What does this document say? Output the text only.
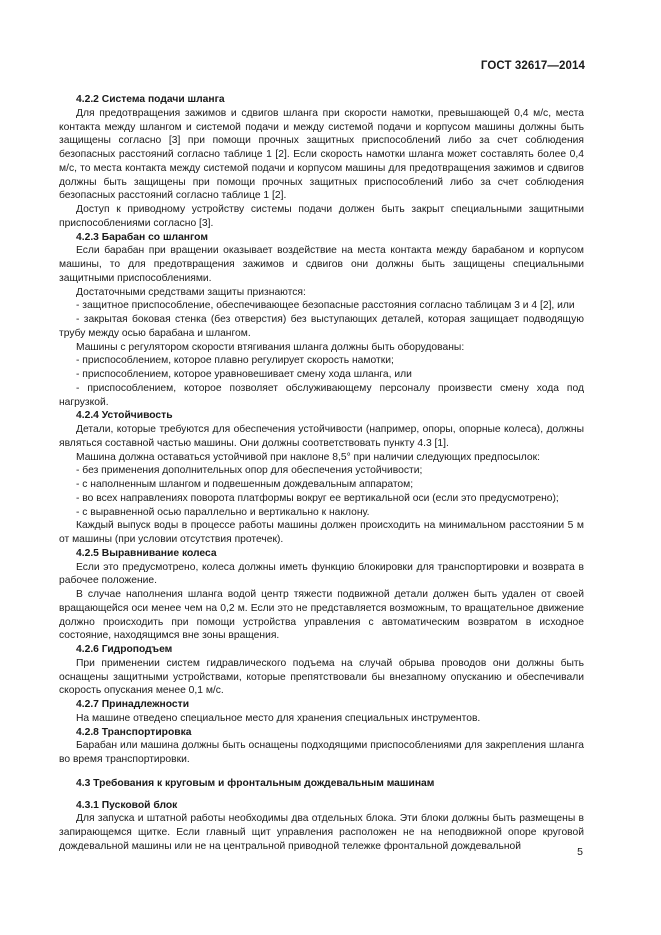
ГОСТ 32617—2014

4.2.2 Система подачи шланга

Для предотвращения зажимов и сдвигов шланга при скорости намотки, превышающей 0,4 м/с, места контакта между шлангом и системой подачи и между системой подачи и корпусом машины должны быть защищены согласно [3] при помощи прочных защитных приспособлений либо за счет соблюдения безопасных расстояний согласно таблице 1 [2]. Если скорость намотки шланга может составлять более 0,4 м/с, то места контакта между системой подачи и корпусом машины для предотвращения зажимов и сдвигов должны быть защищены при помощи прочных защитных приспособлений либо за счет соблюдения безопасных расстояний согласно таблице 1 [2].

Доступ к приводному устройству системы подачи должен быть закрыт специальными защитными приспособлениями согласно [3].

4.2.3 Барабан со шлангом

Если барабан при вращении оказывает воздействие на места контакта между барабаном и корпусом машины, то для предотвращения зажимов и сдвигов они должны быть защищены специальными защитными приспособлениями.

Достаточными средствами защиты признаются:

- защитное приспособление, обеспечивающее безопасные расстояния согласно таблицам 3 и 4 [2], или

- закрытая боковая стенка (без отверстия) без выступающих деталей, которая защищает подводящую трубу между осью барабана и шлангом.

Машины с регулятором скорости втягивания шланга должны быть оборудованы:

- приспособлением, которое плавно регулирует скорость намотки;

- приспособлением, которое уравновешивает смену хода шланга, или

- приспособлением, которое позволяет обслуживающему персоналу произвести смену хода под нагрузкой.

4.2.4 Устойчивость

Детали, которые требуются для обеспечения устойчивости (например, опоры, опорные колеса), должны являться составной частью машины. Они должны соответствовать пункту 4.3 [1].

Машина должна оставаться устойчивой при наклоне 8,5° при наличии следующих предпосылок:

- без применения дополнительных опор для обеспечения устойчивости;

- с наполненным шлангом и подвешенным дождевальным аппаратом;

- во всех направлениях поворота платформы вокруг ее вертикальной оси (если это предусмотрено);

- с выравненной осью параллельно и вертикально к наклону.

Каждый выпуск воды в процессе работы машины должен происходить на минимальном расстоянии 5 м от машины (при условии отсутствия протечек).

4.2.5 Выравнивание колеса

Если это предусмотрено, колеса должны иметь функцию блокировки для транспортировки и возврата в рабочее положение.

В случае наполнения шланга водой центр тяжести подвижной детали должен быть удален от своей вращающейся оси менее чем на 0,2 м. Если это не представляется возможным, то вращательное движение должно происходить при помощи устройства управления с автоматическим возвратом в исходное состояние, находящимся вне зоны вращения.

4.2.6 Гидроподъем

При применении систем гидравлического подъема на случай обрыва проводов они должны быть оснащены защитными устройствами, которые препятствовали бы внезапному опусканию и обеспечивали скорость опускания менее 0,1 м/с.

4.2.7 Принадлежности

На машине отведено специальное место для хранения специальных инструментов.

4.2.8 Транспортировка

Барабан или машина должны быть оснащены подходящими приспособлениями для закрепления шланга во время транспортировки.

4.3 Требования к круговым и фронтальным дождевальным машинам

4.3.1 Пусковой блок

Для запуска и штатной работы необходимы два отдельных блока. Эти блоки должны быть размещены в запирающемся щитке. Если главный щит управления расположен не на неподвижной опоре круговой дождевальной машины или не на центральной приводной тележке фронтальной дождевальной	5
